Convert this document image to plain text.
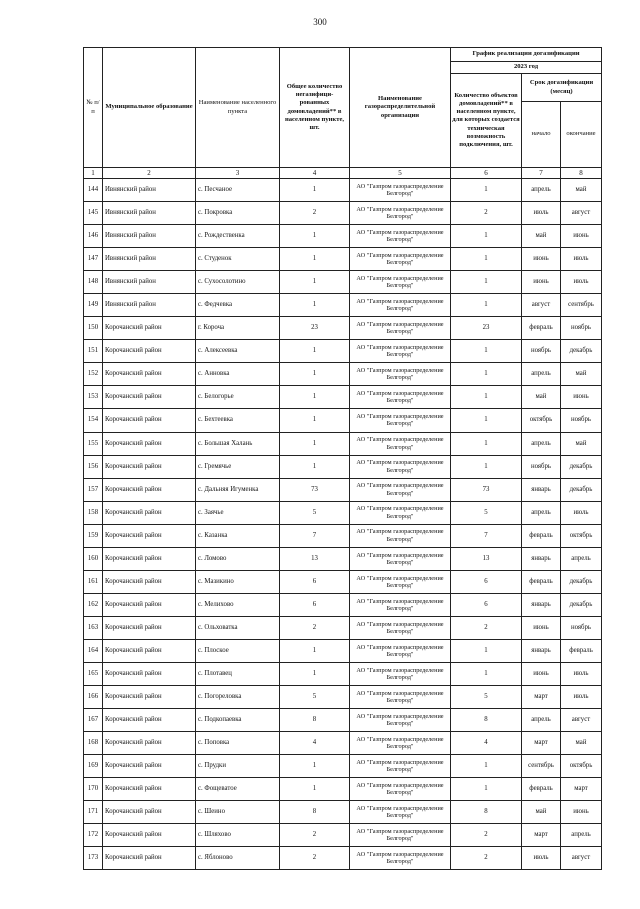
300
№ п/п	Муниципальное образование	Наименование населенного пункта	Общее количество негазифици-рованных домовладений** в населенном пункте, шт.	Наименование газораспределительной организации	График реализации догазификации		
					2023 год		
					Количество объектов домовладений** в населенном пункте, для которых создается техническая возможность подключения, шт.	Срок догазификации (месяц)	
						начало	окончание
1	2	3	4	5	6	7	8
144	Ивнянский район	с. Песчаное	1	АО "Газпром газораспределение Белгород"	1	апрель	май
145	Ивнянский район	с. Покровка	2	АО "Газпром газораспределение Белгород"	2	июль	август
146	Ивнянский район	с. Рождественка	1	АО "Газпром газораспределение Белгород"	1	май	июнь
147	Ивнянский район	с. Студенок	1	АО "Газпром газораспределение Белгород"	1	июнь	июль
148	Ивнянский район	с. Сухосолотино	1	АО "Газпром газораспределение Белгород"	1	июнь	июль
149	Ивнянский район	с. Федчевка	1	АО "Газпром газораспределение Белгород"	1	август	сентябрь
150	Корочанский район	г. Короча	23	АО "Газпром газораспределение Белгород"	23	февраль	ноябрь
151	Корочанский район	с. Алексеевка	1	АО "Газпром газораспределение Белгород"	1	ноябрь	декабрь
152	Корочанский район	с. Анновка	1	АО "Газпром газораспределение Белгород"	1	апрель	май
153	Корочанский район	с. Белогорье	1	АО "Газпром газораспределение Белгород"	1	май	июнь
154	Корочанский район	с. Бехтеевка	1	АО "Газпром газораспределение Белгород"	1	октябрь	ноябрь
155	Корочанский район	с. Большая Халань	1	АО "Газпром газораспределение Белгород"	1	апрель	май
156	Корочанский район	с. Гремячье	1	АО "Газпром газораспределение Белгород"	1	ноябрь	декабрь
157	Корочанский район	с. Дальняя Игуменка	73	АО "Газпром газораспределение Белгород"	73	январь	декабрь
158	Корочанский район	с. Заячье	5	АО "Газпром газораспределение Белгород"	5	апрель	июль
159	Корочанский район	с. Казанка	7	АО "Газпром газораспределение Белгород"	7	февраль	октябрь
160	Корочанский район	с. Ломово	13	АО "Газпром газораспределение Белгород"	13	январь	апрель
161	Корочанский район	с. Мазикино	6	АО "Газпром газораспределение Белгород"	6	февраль	декабрь
162	Корочанский район	с. Мелихово	6	АО "Газпром газораспределение Белгород"	6	январь	декабрь
163	Корочанский район	с. Ольховатка	2	АО "Газпром газораспределение Белгород"	2	июнь	ноябрь
164	Корочанский район	с. Плоское	1	АО "Газпром газораспределение Белгород"	1	январь	февраль
165	Корочанский район	с. Плотавец	1	АО "Газпром газораспределение Белгород"	1	июнь	июль
166	Корочанский район	с. Погореловка	5	АО "Газпром газораспределение Белгород"	5	март	июль
167	Корочанский район	с. Подкопаевка	8	АО "Газпром газораспределение Белгород"	8	апрель	август
168	Корочанский район	с. Поповка	4	АО "Газпром газораспределение Белгород"	4	март	май
169	Корочанский район	с. Прудки	1	АО "Газпром газораспределение Белгород"	1	сентябрь	октябрь
170	Корочанский район	с. Фощеватое	1	АО "Газпром газораспределение Белгород"	1	февраль	март
171	Корочанский район	с. Шеино	8	АО "Газпром газораспределение Белгород"	8	май	июнь
172	Корочанский район	с. Шляхово	2	АО "Газпром газораспределение Белгород"	2	март	апрель
173	Корочанский район	с. Яблоново	2	АО "Газпром газораспределение Белгород"	2	июль	август
